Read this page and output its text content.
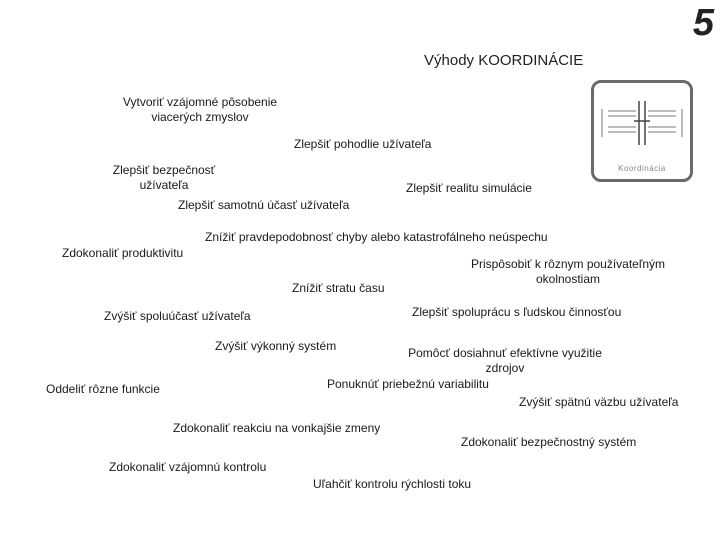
5
Výhody KOORDINÁCIE
Koordinácia
Vytvoriť vzájomné pôsobenie viacerých zmyslov
Zlepšiť pohodlie užívateľa
Zlepšiť bezpečnosť užívateľa	Zlepšiť realitu simulácie
Zlepšiť samotnú účasť užívateľa
Znížiť pravdepodobnosť chyby alebo katastrofálneho neúspechu
Zdokonaliť produktivitu
Prispôsobiť k rôznym používateľným okolnostiam
Znížiť stratu času
Zlepšiť spoluprácu s ľudskou činnosťou
Zvýšiť spoluúčasť užívateľa
Zvýšiť výkonný systém	Pomôcť dosiahnuť efektívne využitie zdrojov
Oddeliť rôzne funkcie	Ponuknúť priebežnú variabilitu
Zvýšiť spätnú väzbu užívateľa
Zdokonaliť reakciu na vonkajšie zmeny
Zdokonaliť bezpečnostný systém
Zdokonaliť vzájomnú kontrolu
Uľahčiť kontrolu rýchlosti toku
